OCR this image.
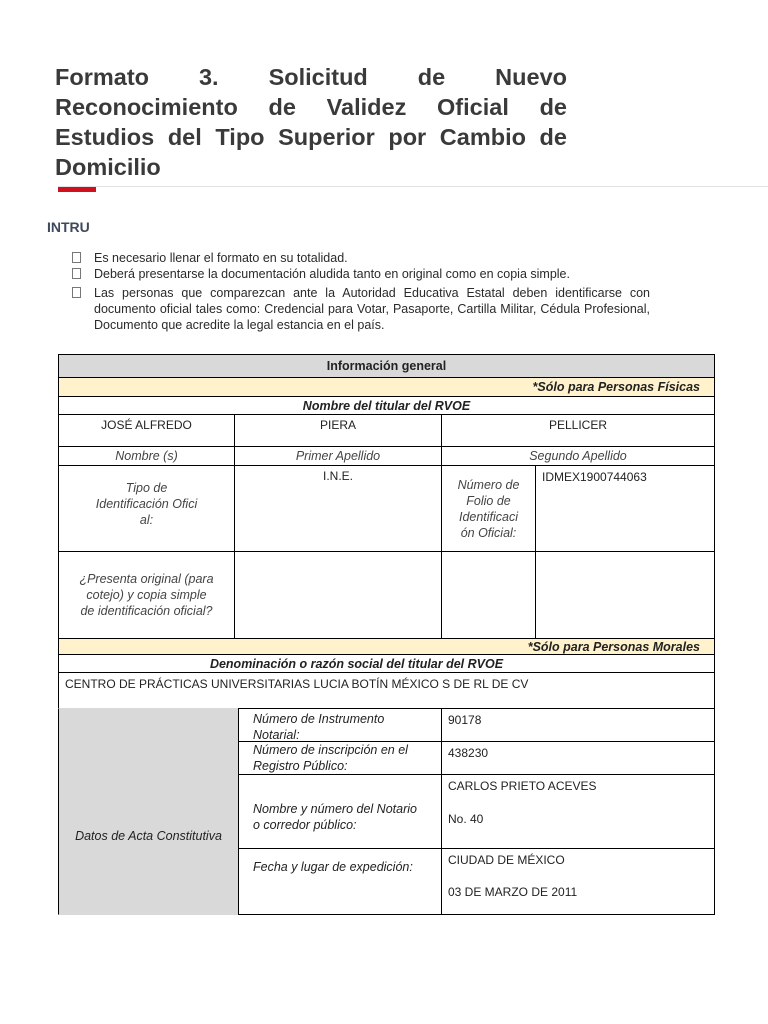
Formato 3. Solicitud de Nuevo
Reconocimiento de Validez Oficial de
Estudios del Tipo Superior por Cambio de
Domicilio
INTRU
Es necesario llenar el formato en su totalidad.
Deberá presentarse la documentación aludida tanto en original como en copia simple.
Las personas que comparezcan ante la Autoridad Educativa Estatal deben identificarse con documento oficial tales como: Credencial para Votar, Pasaporte, Cartilla Militar, Cédula Profesional, Documento que acredite la legal estancia en el país.
Información general
*Sólo para Personas Físicas
Nombre del titular del RVOE
JOSÉ ALFREDO	PIERA	PELLICER
Nombre (s)	Primer Apellido	Segundo Apellido
Tipo de Identificación Ofici al:
I.N.E.
Número de Folio de Identificaci ón Oficial:
IDMEX1900744063
¿Presenta original (para cotejo) y copia simple de identificación oficial?
*Sólo para Personas Morales
Denominación o razón social del titular del RVOE
CENTRO DE PRÁCTICAS UNIVERSITARIAS LUCIA BOTÍN MÉXICO S DE RL DE CV
Datos de Acta Constitutiva
Número de Instrumento Notarial:
90178
Número de inscripción en el Registro Público:
438230
Nombre y número del Notario o corredor público:
CARLOS PRIETO ACEVES
No. 40
Fecha y lugar de expedición:	CIUDAD DE MÉXICO
03 DE MARZO DE 2011
